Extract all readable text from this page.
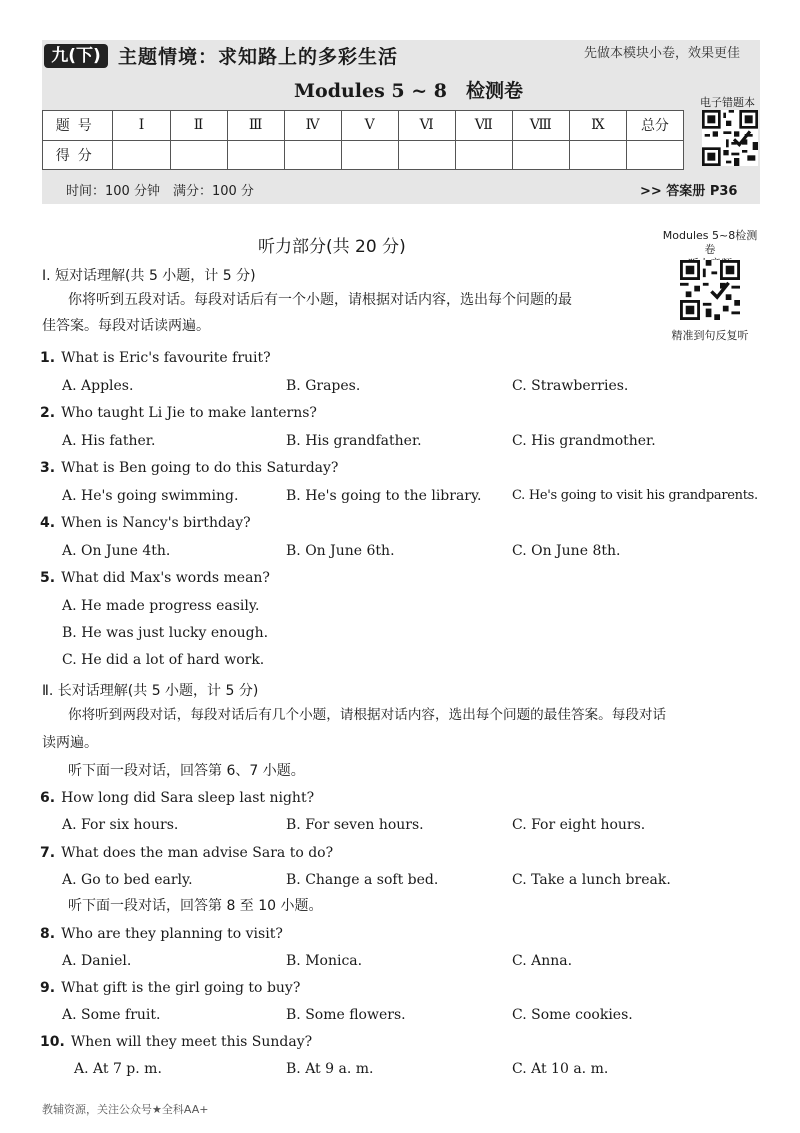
九(下) 主题情境：求知路上的多彩生活	先做本模块小卷，效果更佳
Modules 5 ~ 8　检测卷
题号	Ⅰ	Ⅱ	Ⅲ	Ⅳ	Ⅴ	Ⅵ	Ⅶ	Ⅷ	Ⅸ	总分
得分										
电子错题本
时间：100 分钟　满分：100 分	>> 答案册 P36
Modules 5~8检测卷
精准到句反复听
听力部分(共 20 分)
Ⅰ. 短对话理解(共 5 小题，计 5 分)
你将听到五段对话。每段对话后有一个小题，请根据对话内容，选出每个问题的最
佳答案。每段对话读两遍。
1. What is Eric's favourite fruit?
A. Apples.	B. Grapes.	C. Strawberries.
2. Who taught Li Jie to make lanterns?
A. His father.	B. His grandfather.	C. His grandmother.
3. What is Ben going to do this Saturday?
A. He's going swimming.	B. He's going to the library. C. He's going to visit his grandparents.
4. When is Nancy's birthday?
A. On June 4th.	B. On June 6th.	C. On June 8th.
5. What did Max's words mean?
A. He made progress easily.
B. He was just lucky enough.
C. He did a lot of hard work.
Ⅱ. 长对话理解(共 5 小题，计 5 分)
你将听到两段对话，每段对话后有几个小题，请根据对话内容，选出每个问题的最佳答案。每段对话
读两遍。
听下面一段对话，回答第 6、7 小题。
6. How long did Sara sleep last night?
A. For six hours.	B. For seven hours.	C. For eight hours.
7. What does the man advise Sara to do?
A. Go to bed early.	B. Change a soft bed.	C. Take a lunch break.
听下面一段对话，回答第 8 至 10 小题。
8. Who are they planning to visit?
A. Daniel.	B. Monica.	C. Anna.
9. What gift is the girl going to buy?
A. Some fruit.	B. Some flowers.	C. Some cookies.
10. When will they meet this Sunday?
A. At 7 p. m.	B. At 9 a. m.	C. At 10 a. m.
教辅资源，关注公众号★全科AA+
